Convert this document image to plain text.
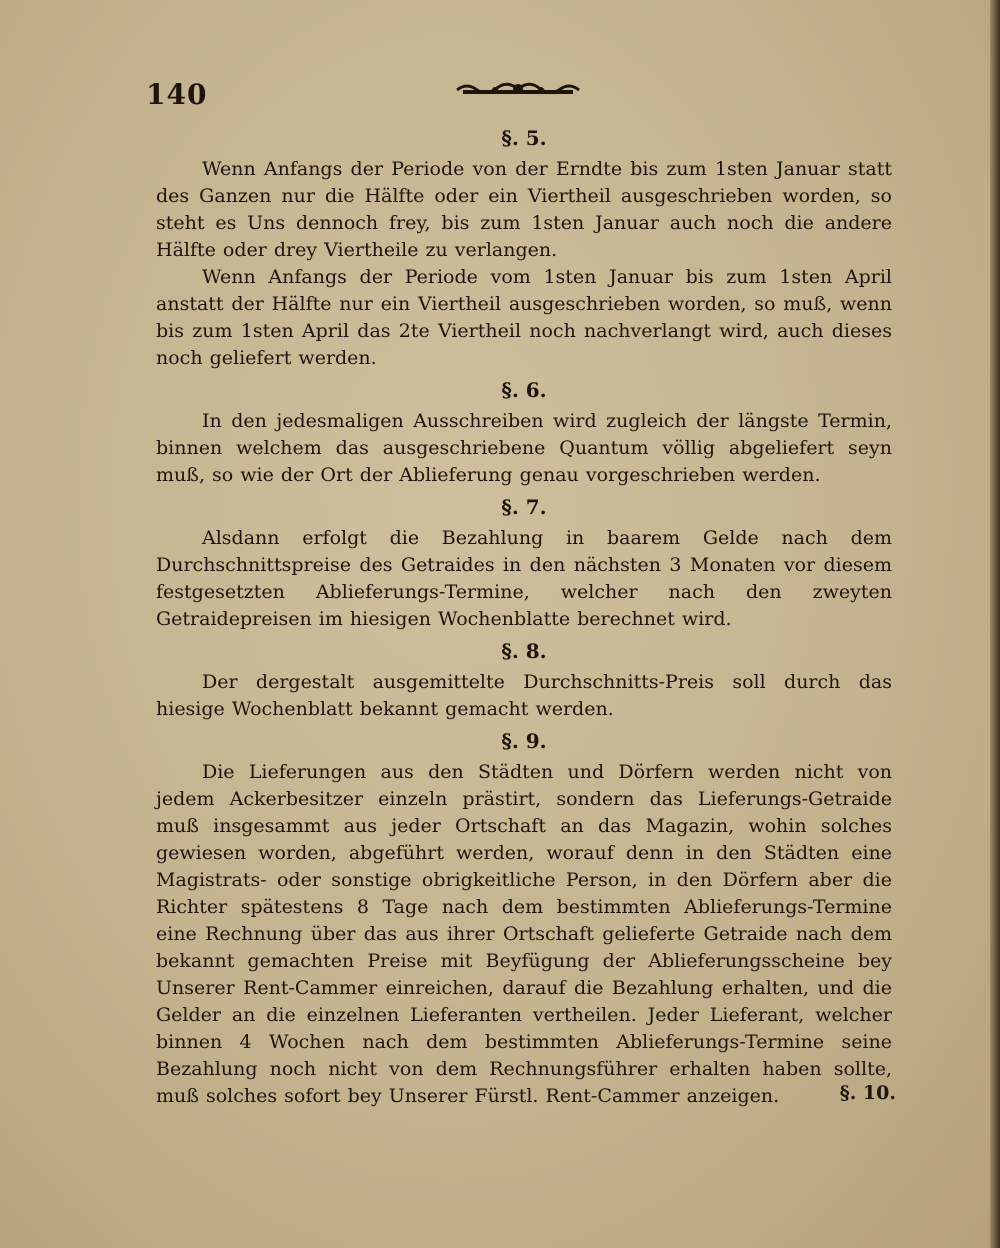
140
§. 5.

Wenn Anfangs der Periode von der Erndte bis zum 1sten Januar statt des Ganzen nur die Hälfte oder ein Viertheil ausgeschrieben worden, so steht es Uns dennoch frey, bis zum 1sten Januar auch noch die andere Hälfte oder drey Viertheile zu verlangen.

Wenn Anfangs der Periode vom 1sten Januar bis zum 1sten April anstatt der Hälfte nur ein Viertheil ausgeschrieben worden, so muß, wenn bis zum 1sten April das 2te Viertheil noch nachverlangt wird, auch dieses noch geliefert werden.

§. 6.

In den jedesmaligen Ausschreiben wird zugleich der längste Termin, binnen welchem das ausgeschriebene Quantum völlig abgeliefert seyn muß, so wie der Ort der Ablieferung genau vorgeschrieben werden.

§. 7.

Alsdann erfolgt die Bezahlung in baarem Gelde nach dem Durchschnittspreise des Getraides in den nächsten 3 Monaten vor diesem festgesetzten Ablieferungs-Termine, welcher nach den zweyten Getraidepreisen im hiesigen Wochenblatte berechnet wird.

§. 8.

Der dergestalt ausgemittelte Durchschnitts-Preis soll durch das hiesige Wochenblatt bekannt gemacht werden.

§. 9.

Die Lieferungen aus den Städten und Dörfern werden nicht von jedem Ackerbesitzer einzeln prästirt, sondern das Lieferungs-Getraide muß insgesammt aus jeder Ortschaft an das Magazin, wohin solches gewiesen worden, abgeführt werden, worauf denn in den Städten eine Magistrats- oder sonstige obrigkeitliche Person, in den Dörfern aber die Richter spätestens 8 Tage nach dem bestimmten Ablieferungs-Termine eine Rechnung über das aus ihrer Ortschaft gelieferte Getraide nach dem bekannt gemachten Preise mit Beyfügung der Ablieferungsscheine bey Unserer Rent-Cammer einreichen, darauf die Bezahlung erhalten, und die Gelder an die einzelnen Lieferanten vertheilen. Jeder Lieferant, welcher binnen 4 Wochen nach dem bestimmten Ablieferungs-Termine seine Bezahlung noch nicht von dem Rechnungsführer erhalten haben sollte, muß solches sofort bey Unserer Fürstl. Rent-Cammer anzeigen.	§. 10.
